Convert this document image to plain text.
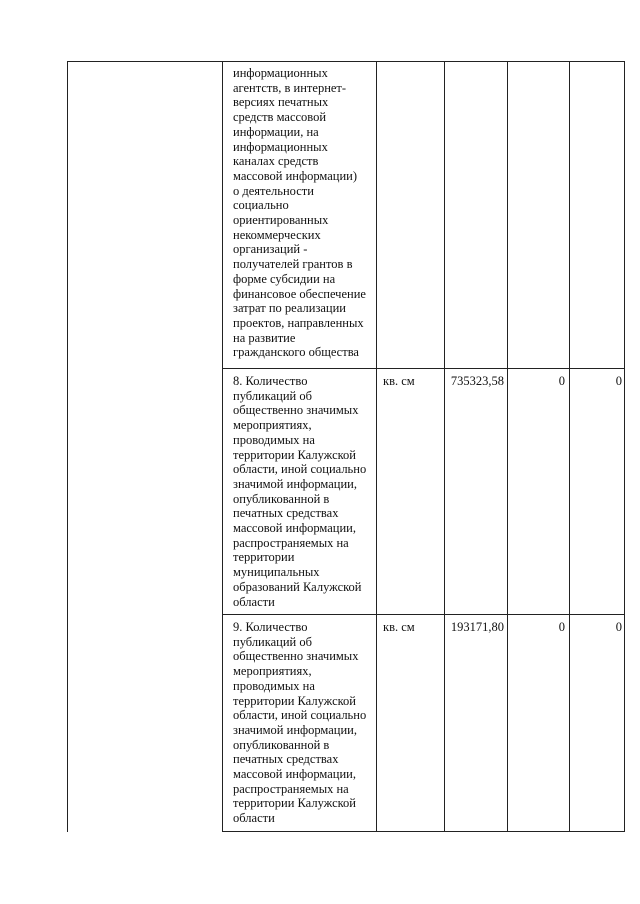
информационных
агентств, в интернет-
версиях печатных
средств массовой
информации, на
информационных
каналах средств
массовой информации)
о деятельности
социально
ориентированных
некоммерческих
организаций -
получателей грантов в
форме субсидии на
финансовое обеспечение
затрат по реализации
проектов, направленных
на развитие
гражданского общества
8. Количество
публикаций об
общественно значимых
мероприятиях,
проводимых на
территории Калужской
области, иной социально
значимой информации,
опубликованной в
печатных средствах
массовой информации,
распространяемых на
территории
муниципальных
образований Калужской
области
кв. см	735323,58	0	0
9. Количество
публикаций об
общественно значимых
мероприятиях,
проводимых на
территории Калужской
области, иной социально
значимой информации,
опубликованной в
печатных средствах
массовой информации,
распространяемых на
территории Калужской
области
кв. см	193171,80	0	0
